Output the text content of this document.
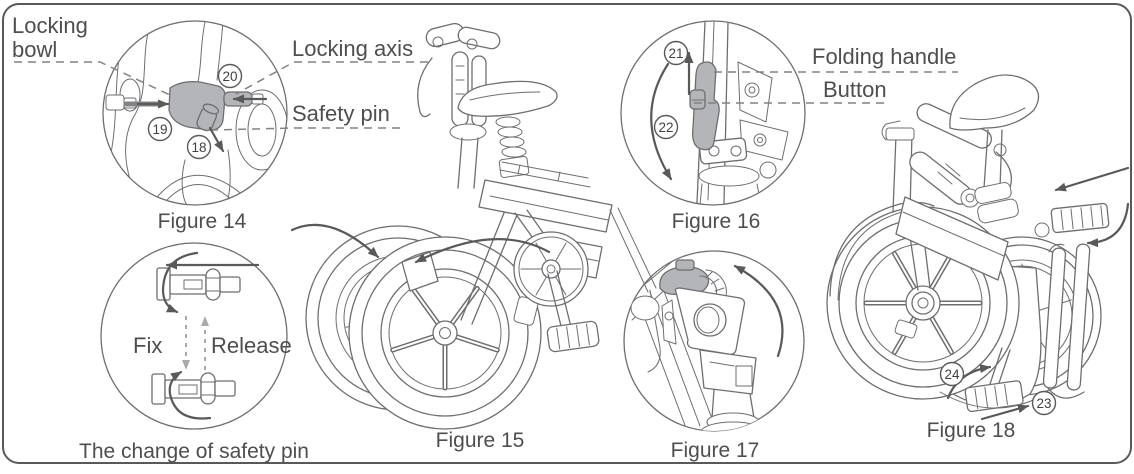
19
20
18
Figure 14
Locking
bowl	Locking axis
Safety pin
Figure 15
Fix Release
The change of safety pin
21
22
Figure 16
Folding handle
Button
Figure 17
24
23
Figure 18
